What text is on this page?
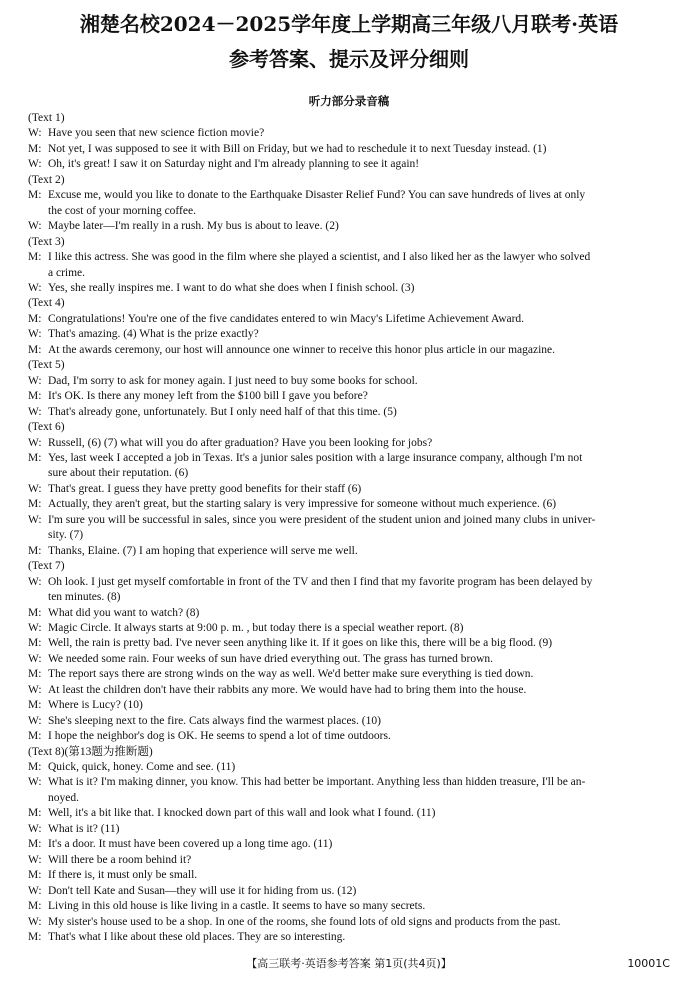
湘楚名校2024－2025学年度上学期高三年级八月联考·英语
参考答案、提示及评分细则
听力部分录音稿
(Text 1)
W: Have you seen that new science fiction movie?
M: Not yet, I was supposed to see it with Bill on Friday, but we had to reschedule it to next Tuesday instead. (1)
W: Oh, it's great! I saw it on Saturday night and I'm already planning to see it again!
(Text 2)
M: Excuse me, would you like to donate to the Earthquake Disaster Relief Fund? You can save hundreds of lives at only
the cost of your morning coffee.
W: Maybe later—I'm really in a rush. My bus is about to leave. (2)
(Text 3)
M: I like this actress. She was good in the film where she played a scientist, and I also liked her as the lawyer who solved
a crime.
W: Yes, she really inspires me. I want to do what she does when I finish school. (3)
(Text 4)
M: Congratulations! You're one of the five candidates entered to win Macy's Lifetime Achievement Award.
W: That's amazing. (4) What is the prize exactly?
M: At the awards ceremony, our host will announce one winner to receive this honor plus article in our magazine.
(Text 5)
W: Dad, I'm sorry to ask for money again. I just need to buy some books for school.
M: It's OK. Is there any money left from the $100 bill I gave you before?
W: That's already gone, unfortunately. But I only need half of that this time. (5)
(Text 6)
W: Russell, (6) (7) what will you do after graduation? Have you been looking for jobs?
M: Yes, last week I accepted a job in Texas. It's a junior sales position with a large insurance company, although I'm not
sure about their reputation. (6)
W: That's great. I guess they have pretty good benefits for their staff (6)
M: Actually, they aren't great, but the starting salary is very impressive for someone without much experience. (6)
W: I'm sure you will be successful in sales, since you were president of the student union and joined many clubs in univer-
sity. (7)
M: Thanks, Elaine. (7) I am hoping that experience will serve me well.
(Text 7)
W: Oh look. I just get myself comfortable in front of the TV and then I find that my favorite program has been delayed by
ten minutes. (8)
M: What did you want to watch? (8)
W: Magic Circle. It always starts at 9:00 p. m. , but today there is a special weather report. (8)
M: Well, the rain is pretty bad. I've never seen anything like it. If it goes on like this, there will be a big flood. (9)
W: We needed some rain. Four weeks of sun have dried everything out. The grass has turned brown.
M: The report says there are strong winds on the way as well. We'd better make sure everything is tied down.
W: At least the children don't have their rabbits any more. We would have had to bring them into the house.
M: Where is Lucy? (10)
W: She's sleeping next to the fire. Cats always find the warmest places. (10)
M: I hope the neighbor's dog is OK. He seems to spend a lot of time outdoors.
(Text 8)(第13题为推断题)
M: Quick, quick, honey. Come and see. (11)
W: What is it? I'm making dinner, you know. This had better be important. Anything less than hidden treasure, I'll be an-
noyed.
M: Well, it's a bit like that. I knocked down part of this wall and look what I found. (11)
W: What is it? (11)
M: It's a door. It must have been covered up a long time ago. (11)
W: Will there be a room behind it?
M: If there is, it must only be small.
W: Don't tell Kate and Susan—they will use it for hiding from us. (12)
M: Living in this old house is like living in a castle. It seems to have so many secrets.
W: My sister's house used to be a shop. In one of the rooms, she found lots of old signs and products from the past.
M: That's what I like about these old places. They are so interesting.
【高三联考·英语参考答案 第1页(共4页)】	10001C
